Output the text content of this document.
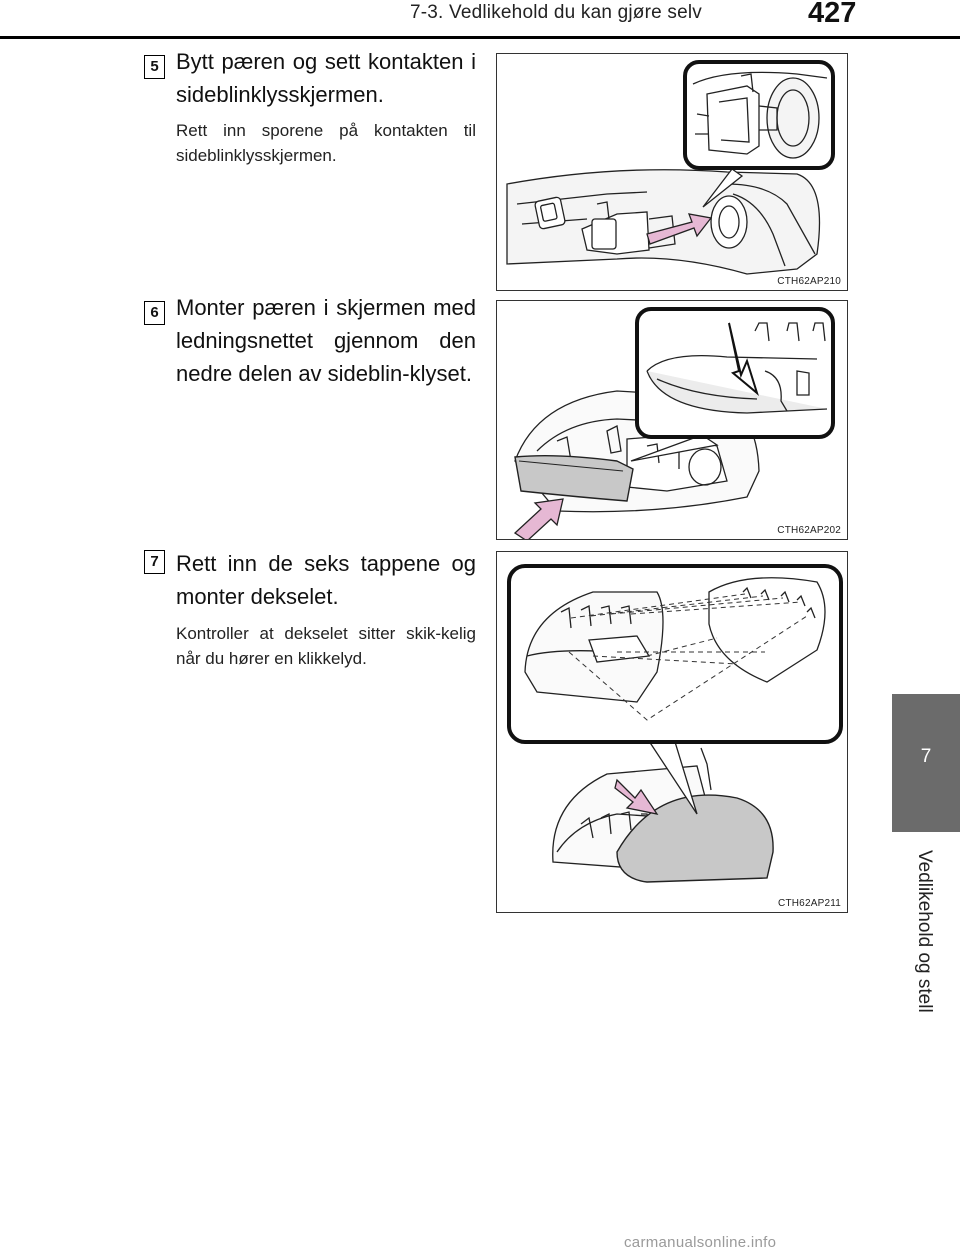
7-3. Vedlikehold du kan gjøre selv	427
7
Vedlikehold og stell
5 Bytt pæren og sett kontakten i sideblinklysskjermen.
Rett inn sporene på kontakten til sideblinklysskjermen.
CTH62AP210
6 Monter pæren i skjermen med ledningsnettet gjennom den nedre delen av sideblin-klyset.
CTH62AP202
7 Rett inn de seks tappene og monter dekselet.
Kontroller at dekselet sitter skik-kelig når du hører en klikkelyd.
CTH62AP211
carmanualsonline.info
